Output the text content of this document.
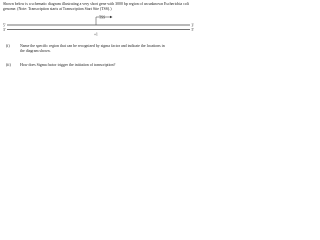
Shown below is a schematic diagram illustrating a very short gene with 3000 bp region of an unknown Escherichia coli genome. (Note: Transcription starts at Transcription Start Site (TSS).)
TSS
5'	3'
3'	5'
+1
(i)	Name the specific region that can be recognized by sigma factor and indicate the locations in the diagram shown.
(ii)	How does Sigma factor trigger the initiation of transcription?
